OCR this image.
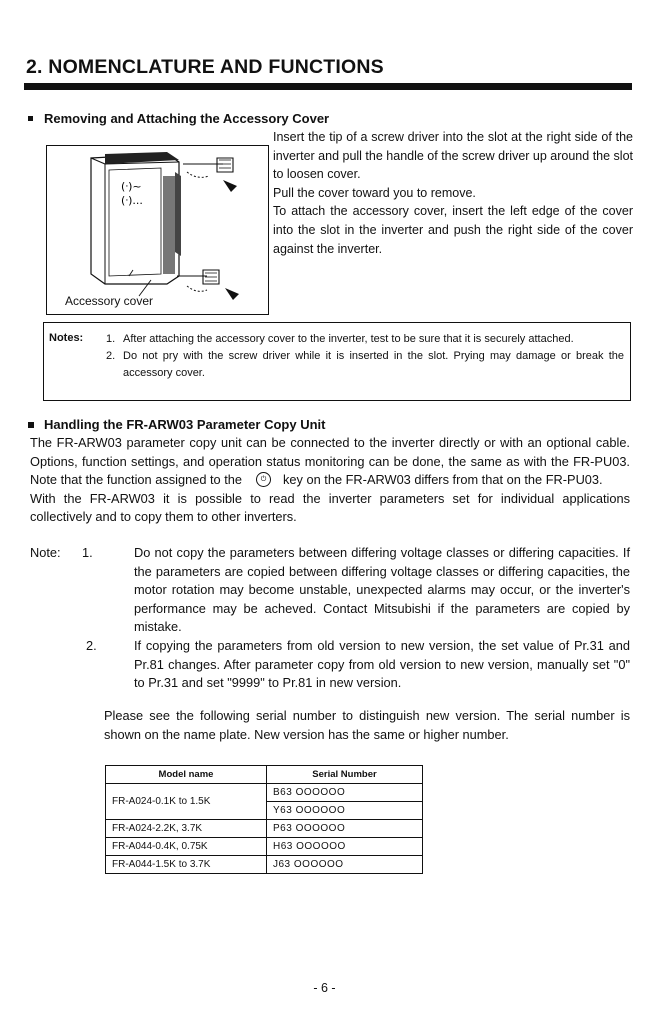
2. NOMENCLATURE AND FUNCTIONS
Removing and Attaching the Accessory Cover
(ᐧ)~
(ᐧ)...
Accessory cover

Insert the tip of a screw driver into the slot at the right side of the inverter and pull the handle of the screw driver up around the slot to loosen cover.

Pull the cover toward you to remove.

To attach the accessory cover, insert the left edge of the cover into the slot in the inverter and push the right side of the cover against the inverter.

Notes: 1. After attaching the accessory cover to the inverter, test to be sure that it is securely attached.
2. Do not pry with the screw driver while it is inserted in the slot. Prying may damage or break the accessory cover.
Handling the FR-ARW03 Parameter Copy Unit

The FR-ARW03 parameter copy unit can be connected to the inverter directly or with an optional cable. Options, function settings, and operation status monitoring can be done, the same as with the FR-PU03. Note that the function assigned to the	⏻ key on the FR-ARW03 differs from that on the FR-PU03.

With the FR-ARW03 it is possible to read the inverter parameters set for individual applications collectively and to copy them to other inverters.

Note: 1.	Do not copy the parameters between differing voltage classes or differing capacities. If the parameters are copied between differing voltage classes or differing capacities, the motor rotation may become unstable, unexpected alarms may occur, or the inverter's performance may be acheved. Contact Mitsubishi if the parameters are copied by mistake.
2.	If copying the parameters from old version to new version, the set value of Pr.31 and Pr.81 changes. After parameter copy from old version to new version, manually set "0" to Pr.31 and set "9999" to Pr.81 in new version.
Please see the following serial number to distinguish new version. The serial number is shown on the name plate. New version has the same or higher number.
Model name	Serial Number
FR-A024-0.1K to 1.5K	B63 OOOOOO
	Y63 OOOOOO
FR-A024-2.2K, 3.7K	P63 OOOOOO
FR-A044-0.4K, 0.75K	H63 OOOOOO
FR-A044-1.5K to 3.7K	J63 OOOOOO
- 6 -
